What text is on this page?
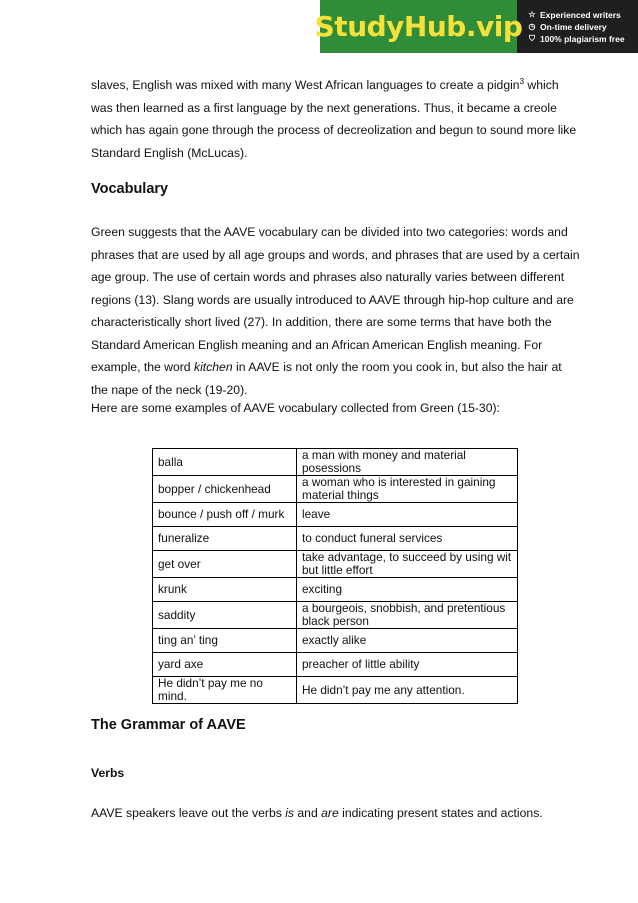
StudyHub.vip ☆ Experienced writers
◷ On-time delivery
⛉ 100% plagiarism free

slaves, English was mixed with many West African languages to create a pidgin$^3$ which was then learned as a first language by the next generations. Thus, it became a creole which has again gone through the process of decreolization and begun to sound more like Standard English (McLucas).

Vocabulary

Green suggests that the AAVE vocabulary can be divided into two categories: words and phrases that are used by all age groups and words, and phrases that are used by a certain age group. The use of certain words and phrases also naturally varies between different regions (13). Slang words are usually introduced to AAVE through hip-hop culture and are characteristically short lived (27). In addition, there are some terms that have both the Standard American English meaning and an African American English meaning. For example, the word kitchen in AAVE is not only the room you cook in, but also the hair at the nape of the neck (19-20).

Here are some examples of AAVE vocabulary collected from Green (15-30):

The Grammar of AAVE
Verbs

AAVE speakers leave out the verbs is and are indicating present states and actions.

balla	a man with money and material posessions
bopper / chickenhead	a woman who is interested in gaining material things
bounce / push off / murk	leave
funeralize	to conduct funeral services
get over	take advantage, to succeed by using wit but little effort
krunk	exciting
saddity	a bourgeois, snobbish, and pretentious black person
ting an’ ting	exactly alike
yard axe	preacher of little ability
He didn’t pay me no mind.	He didn’t pay me any attention.
